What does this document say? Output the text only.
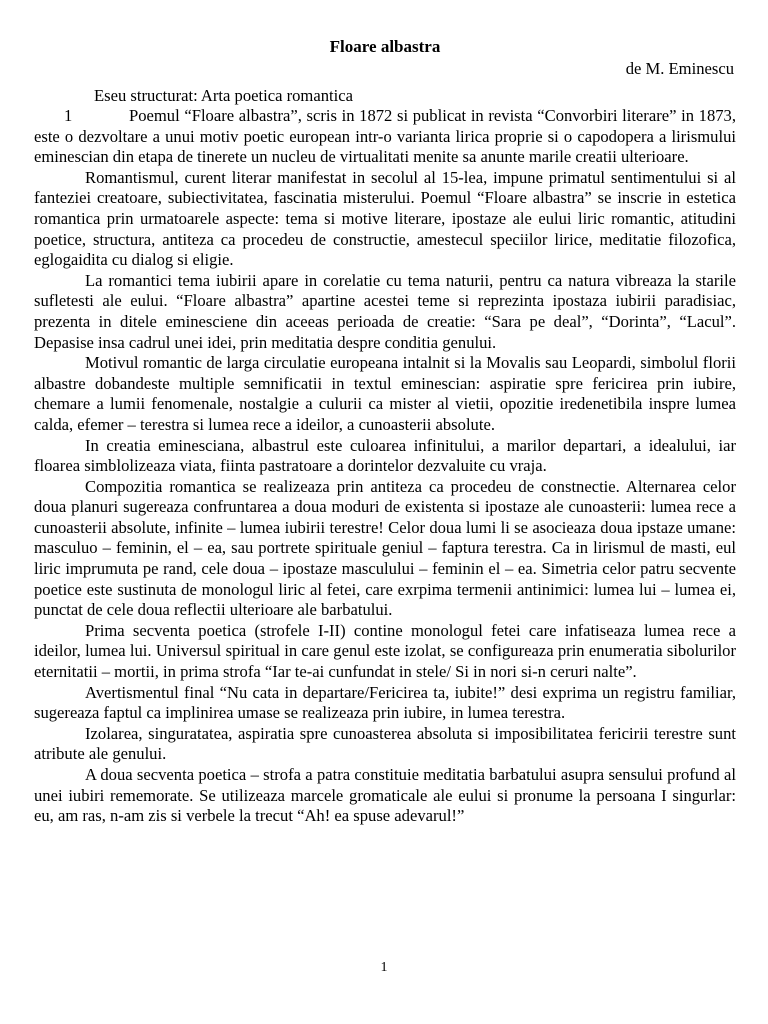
Floare albastra

de M. Eminescu

Eseu structurat: Arta poetica romantica

1	Poemul “Floare albastra”, scris in 1872 si publicat in revista “Convorbiri literare” in 1873, este o dezvoltare a unui motiv poetic european intr-o varianta lirica proprie si o capodopera a lirismului eminescian din etapa de tinerete un nucleu de virtualitati menite sa anunte marile creatii ulterioare.

Romantismul, curent literar manifestat in secolul al 15-lea, impune primatul sentimentului si al fanteziei creatoare, subiectivitatea, fascinatia misterului. Poemul “Floare albastra” se inscrie in estetica romantica prin urmatoarele aspecte: tema si motive literare, ipostaze ale eului liric romantic, atitudini poetice, structura, antiteza ca procedeu de constructie, amestecul speciilor lirice, meditatie filozofica, eglogaidita cu dialog si eligie.

La romantici tema iubirii apare in corelatie cu tema naturii, pentru ca natura vibreaza la starile sufletesti ale eului. “Floare albastra” apartine acestei teme si reprezinta ipostaza iubirii paradisiac, prezenta in ditele eminesciene din aceeas perioada de creatie: “Sara pe deal”, “Dorinta”, “Lacul”. Depasise insa cadrul unei idei, prin meditatia despre conditia genului.

Motivul romantic de larga circulatie europeana intalnit si la Movalis sau Leopardi, simbolul florii albastre dobandeste multiple semnificatii in textul eminescian: aspiratie spre fericirea prin iubire, chemare a lumii fenomenale, nostalgie a culurii ca mister al vietii, opozitie iredenetibila inspre lumea calda, efemer – terestra si lumea rece a ideilor, a cunoasterii absolute.

In creatia eminesciana, albastrul este culoarea infinitului, a marilor departari, a idealului, iar floarea simblolizeaza viata, fiinta pastratoare a dorintelor dezvaluite cu vraja.

Compozitia romantica se realizeaza prin antiteza ca procedeu de constnectie. Alternarea celor doua planuri sugereaza confruntarea a doua moduri de existenta si ipostaze ale cunoasterii: lumea rece a cunoasterii absolute, infinite – lumea iubirii terestre! Celor doua lumi li se asocieaza doua ipstaze umane: masculuo – feminin, el – ea, sau portrete spirituale geniul – faptura terestra. Ca in lirismul de masti, eul liric imprumuta pe rand, cele doua – ipostaze masculului – feminin el – ea. Simetria celor patru secvente poetice este sustinuta de monologul liric al fetei, care exrpima termenii antinimici: lumea lui – lumea ei, punctat de cele doua reflectii ulterioare ale barbatului.

Prima secventa poetica (strofele I-II) contine monologul fetei care infatiseaza lumea rece a ideilor, lumea lui. Universul spiritual in care genul este izolat, se configureaza prin enumeratia sibolurilor eternitatii – mortii, in prima strofa “Iar te-ai cunfundat in stele/ Si in nori si-n ceruri nalte”.

Avertismentul final “Nu cata in departare/Fericirea ta, iubite!” desi exprima un registru familiar, sugereaza faptul ca implinirea umase se realizeaza prin iubire, in lumea terestra.

Izolarea, singuratatea, aspiratia spre cunoasterea absoluta si imposibilitatea fericirii terestre sunt atribute ale genului.

A doua secventa poetica – strofa a patra constituie meditatia barbatului asupra sensului profund al unei iubiri rememorate. Se utilizeaza marcele gromaticale ale eului si pronume la persoana I singurlar: eu, am ras, n-am zis si verbele la trecut “Ah! ea spuse adevarul!”

1
